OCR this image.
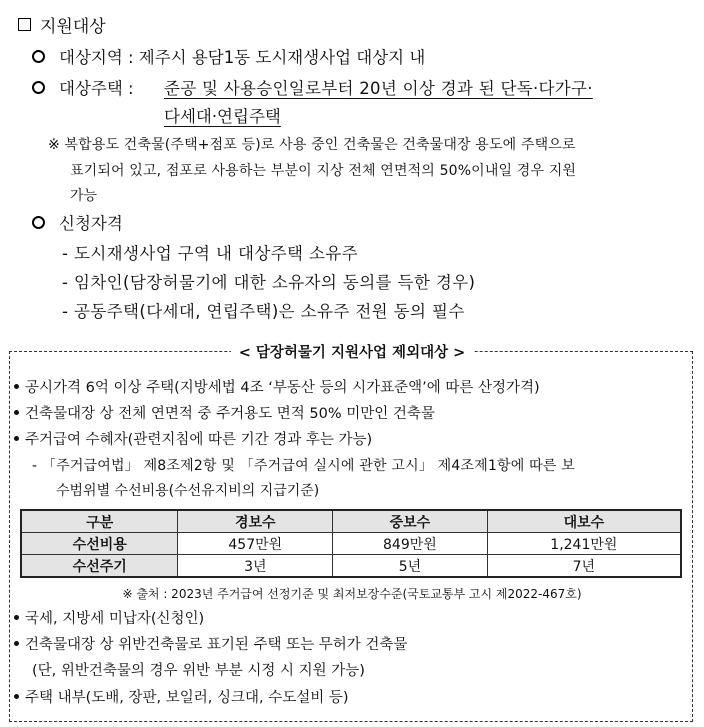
지원대상
대상지역 : 제주시 용담1동 도시재생사업 대상지 내
대상주택 : 준공 및 사용승인일로부터 20년 이상 경과 된 단독·다가구·
다세대·연립주택
※ 복합용도 건축물(주택+점포 등)로 사용 중인 건축물은 건축물대장 용도에 주택으로
표기되어 있고, 점포로 사용하는 부분이 지상 전체 연면적의 50%이내일 경우 지원
가능
신청자격
- 도시재생사업 구역 내 대상주택 소유주
- 임차인(담장허물기에 대한 소유자의 동의를 득한 경우)
- 공동주택(다세대, 연립주택)은 소유주 전원 동의 필수
< 담장허물기 지원사업 제외대상 >
공시가격 6억 이상 주택(지방세법 4조 ‘부동산 등의 시가표준액’에 따른 산정가격)
건축물대장 상 전체 연면적 중 주거용도 면적 50% 미만인 건축물
주거급여 수혜자(관련지침에 따른 기간 경과 후는 가능)
- 「주거급여법」 제8조제2항 및 「주거급여 실시에 관한 고시」 제4조제1항에 따른 보
수범위별 수선비용(수선유지비의 지급기준)
구분	경보수	중보수	대보수
수선비용	457만원	849만원	1,241만원
수선주기	3년	5년	7년
※ 출처 : 2023년 주거급여 선정기준 및 최저보장수준(국토교통부 고시 제2022-467호)
국세, 지방세 미납자(신청인)
건축물대장 상 위반건축물로 표기된 주택 또는 무허가 건축물
(단, 위반건축물의 경우 위반 부분 시정 시 지원 가능)
주택 내부(도배, 장판, 보일러, 싱크대, 수도설비 등)
